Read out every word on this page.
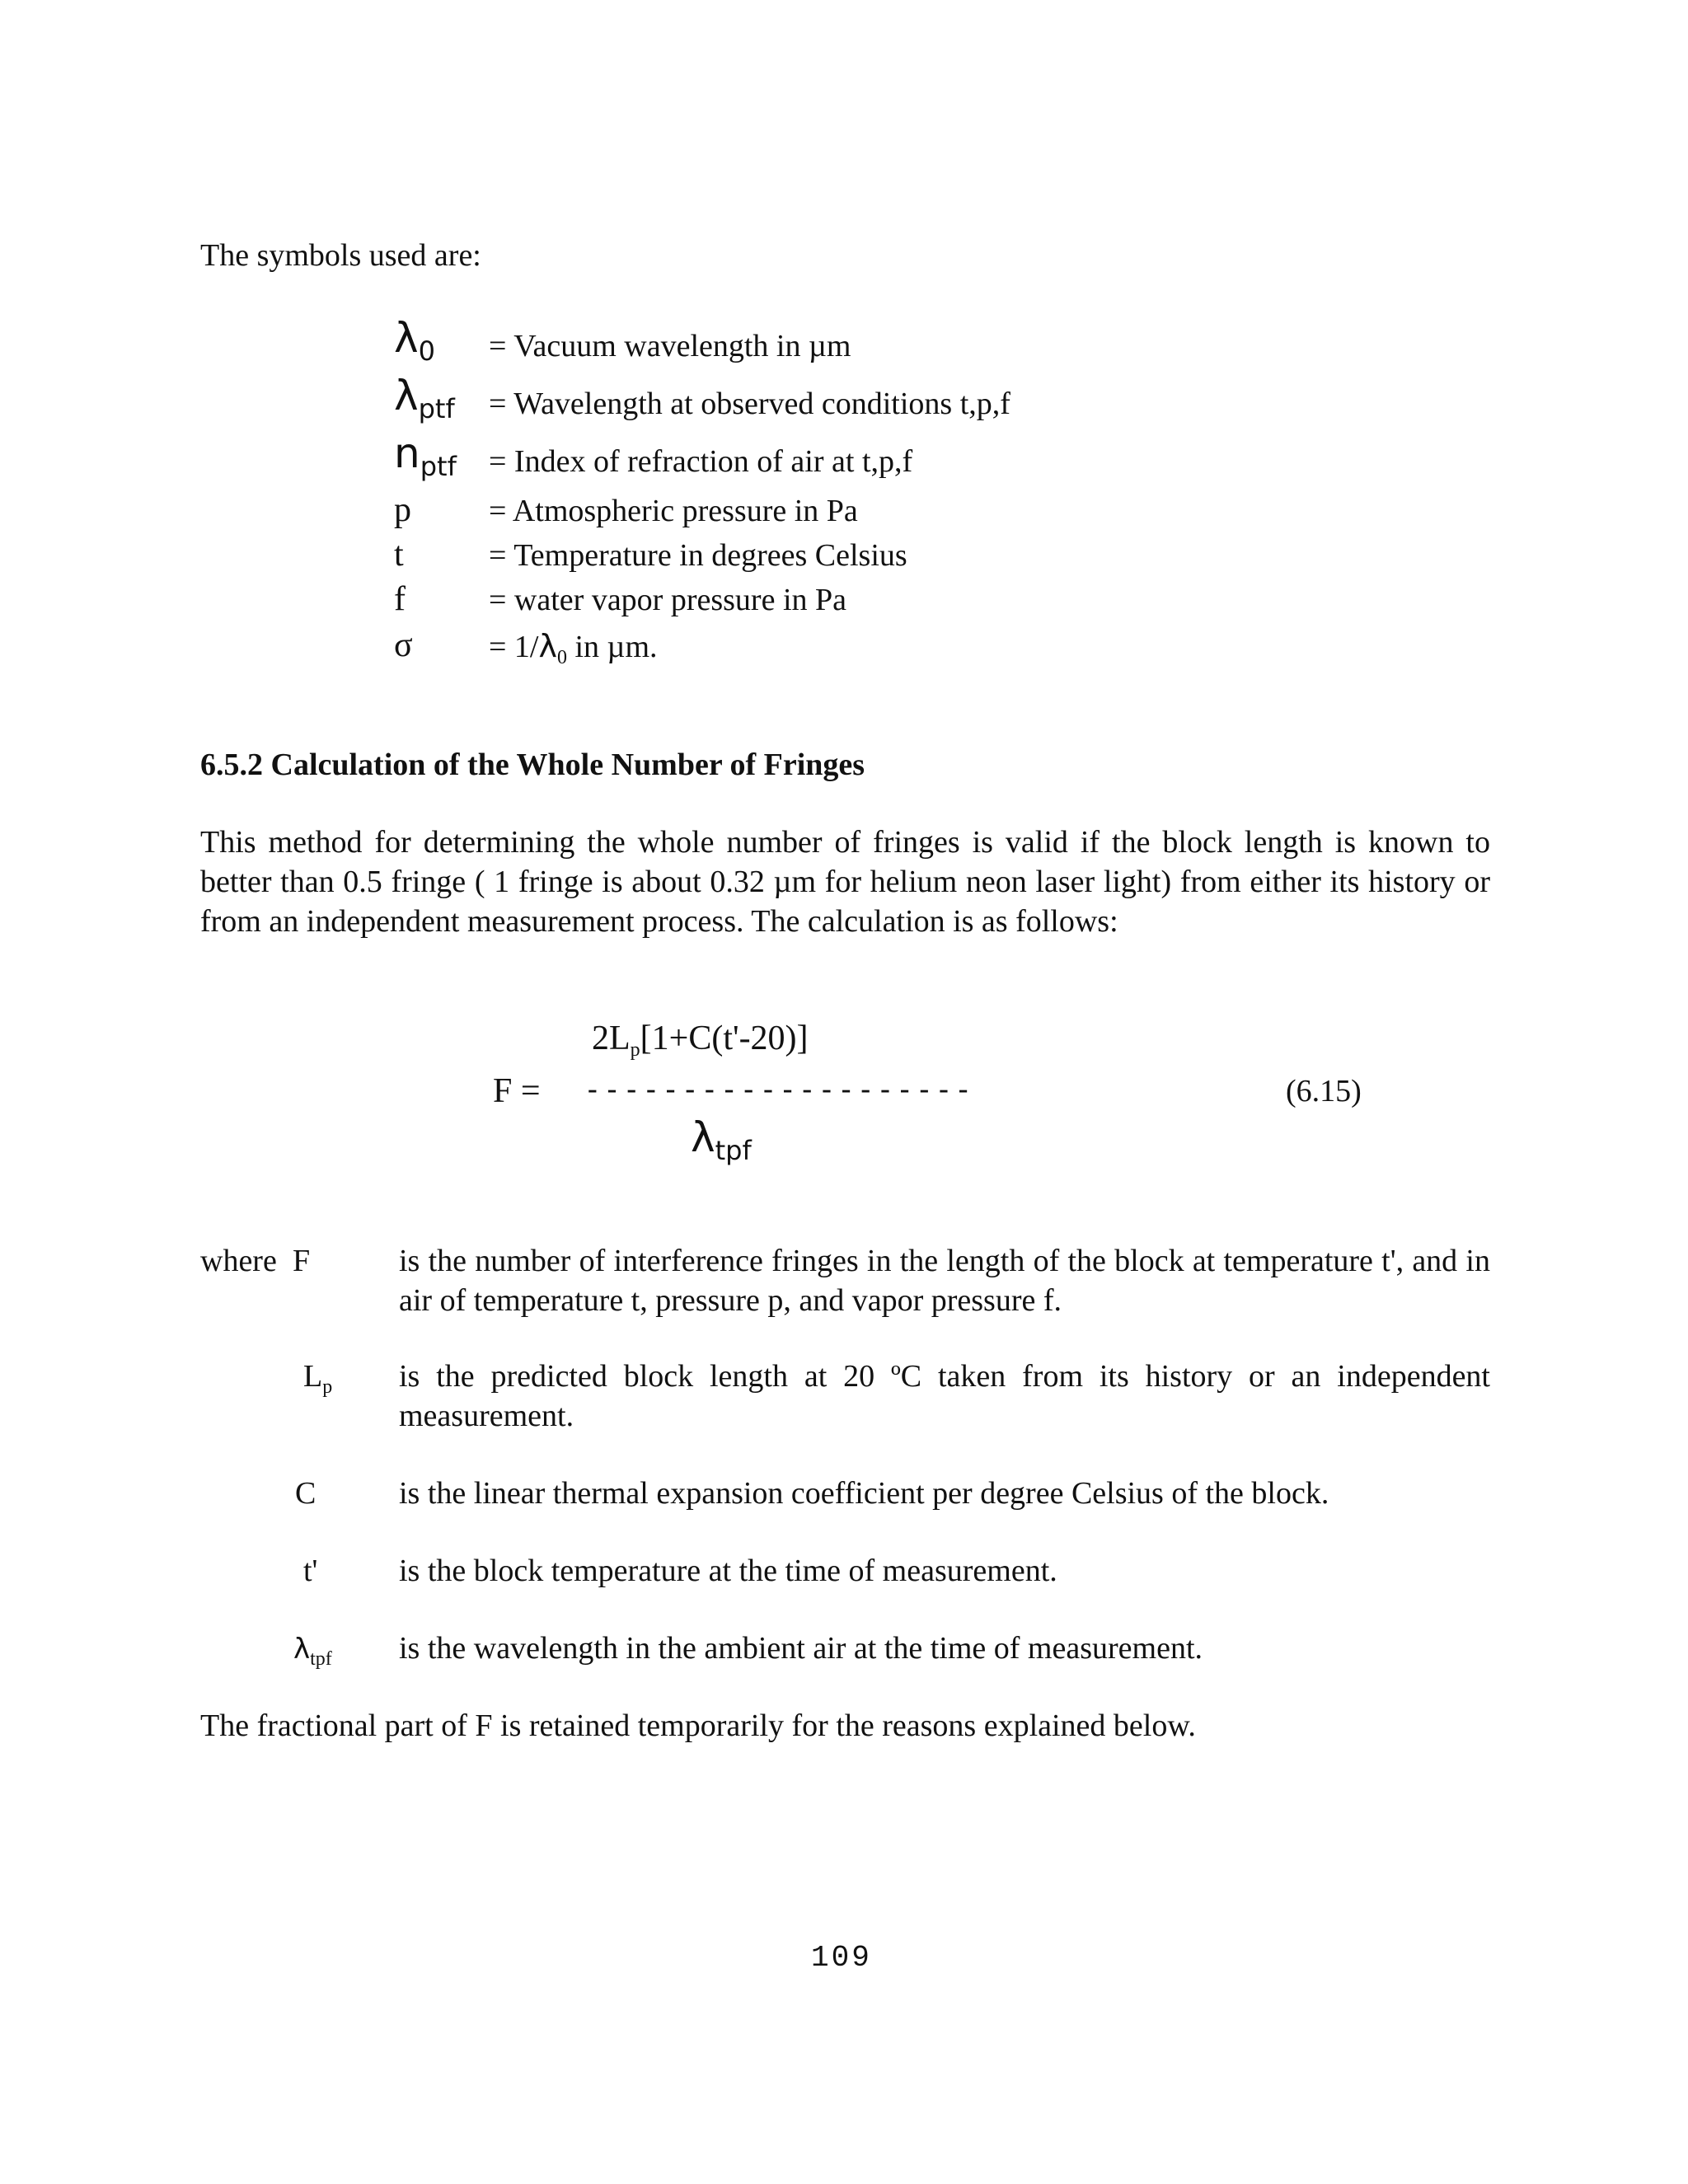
The symbols used are:
λ0 = Vacuum wavelength in µm
λptf = Wavelength at observed conditions t,p,f
nptf = Index of refraction of air at t,p,f
p = Atmospheric pressure in Pa
t	= Temperature in degrees Celsius
f	= water vapor pressure in Pa
$\sigma = 1/\lambda_0$ in µm.
6.5.2 Calculation of the Whole Number of Fringes
This method for determining the whole number of fringes is valid if the block length is known to better than 0.5 fringe ( 1 fringe is about 0.32 µm for helium neon laser light) from either its history or from an independent measurement process. The calculation is as follows:
2Lp[1+C(t'-20)]
F = --------------------	(6.15)
λtpf
where F	is the number of interference fringes in the length of the block at temperature t', and in air of temperature t, pressure p, and vapor pressure f.
$L_p$ is the predicted block length at 20 ºC taken from its history or an independent measurement.
C	is the linear thermal expansion coefficient per degree Celsius of the block.
t'	is the block temperature at the time of measurement.
$\lambda_{tpf}$ is the wavelength in the ambient air at the time of measurement.
The fractional part of F is retained temporarily for the reasons explained below.
109
